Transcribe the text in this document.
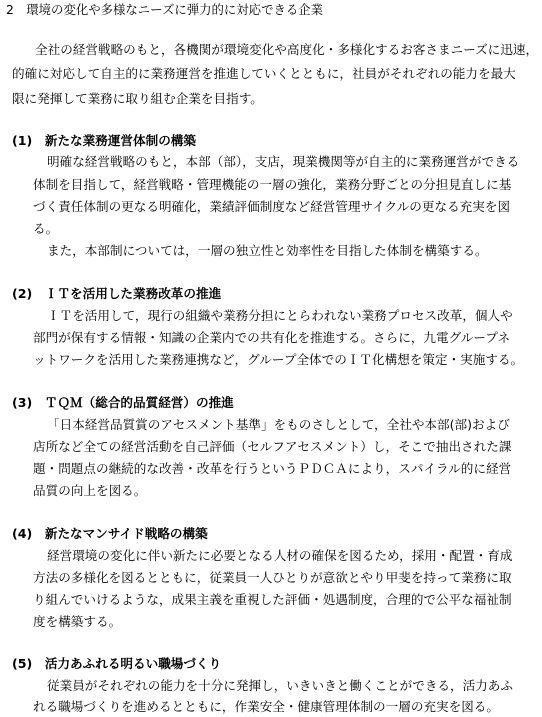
2　環境の変化や多様なニーズに弾力的に対応できる企業
全社の経営戦略のもと，各機関が環境変化や高度化・多様化するお客さまニーズに迅速，
的確に対応して自主的に業務運営を推進していくとともに，社員がそれぞれの能力を最大
限に発揮して業務に取り組む企業を目指す。
(1)　新たな業務運営体制の構築
明確な経営戦略のもと，本部（部），支店，現業機関等が自主的に業務運営ができる
体制を目指して，経営戦略・管理機能の一層の強化，業務分野ごとの分担見直しに基
づく責任体制の更なる明確化，業績評価制度など経営管理サイクルの更なる充実を図
る。
また，本部制については，一層の独立性と効率性を目指した体制を構築する。
(2)　ＩＴを活用した業務改革の推進
ＩＴを活用して，現行の組織や業務分担にとらわれない業務プロセス改革，個人や
部門が保有する情報・知識の企業内での共有化を推進する。さらに，九電グループネ
ットワークを活用した業務連携など，グループ全体でのＩＴ化構想を策定・実施する。
(3)　ＴＱＭ（総合的品質経営）の推進
「日本経営品質賞のアセスメント基準」をものさしとして，全社や本部(部)および
店所など全ての経営活動を自己評価（セルフアセスメント）し，そこで抽出された課
題・問題点の継続的な改善・改革を行うというＰＤＣＡにより，スパイラル的に経営
品質の向上を図る。
(4)　新たなマンサイド戦略の構築
経営環境の変化に伴い新たに必要となる人材の確保を図るため，採用・配置・育成
方法の多様化を図るとともに，従業員一人ひとりが意欲とやり甲斐を持って業務に取
り組んでいけるような，成果主義を重視した評価・処遇制度，合理的で公平な福祉制
度を構築する。
(5)　活力あふれる明るい職場づくり
従業員がそれぞれの能力を十分に発揮し，いきいきと働くことができる，活力あふ
れる職場づくりを進めるとともに，作業安全・健康管理体制の一層の充実を図る。
